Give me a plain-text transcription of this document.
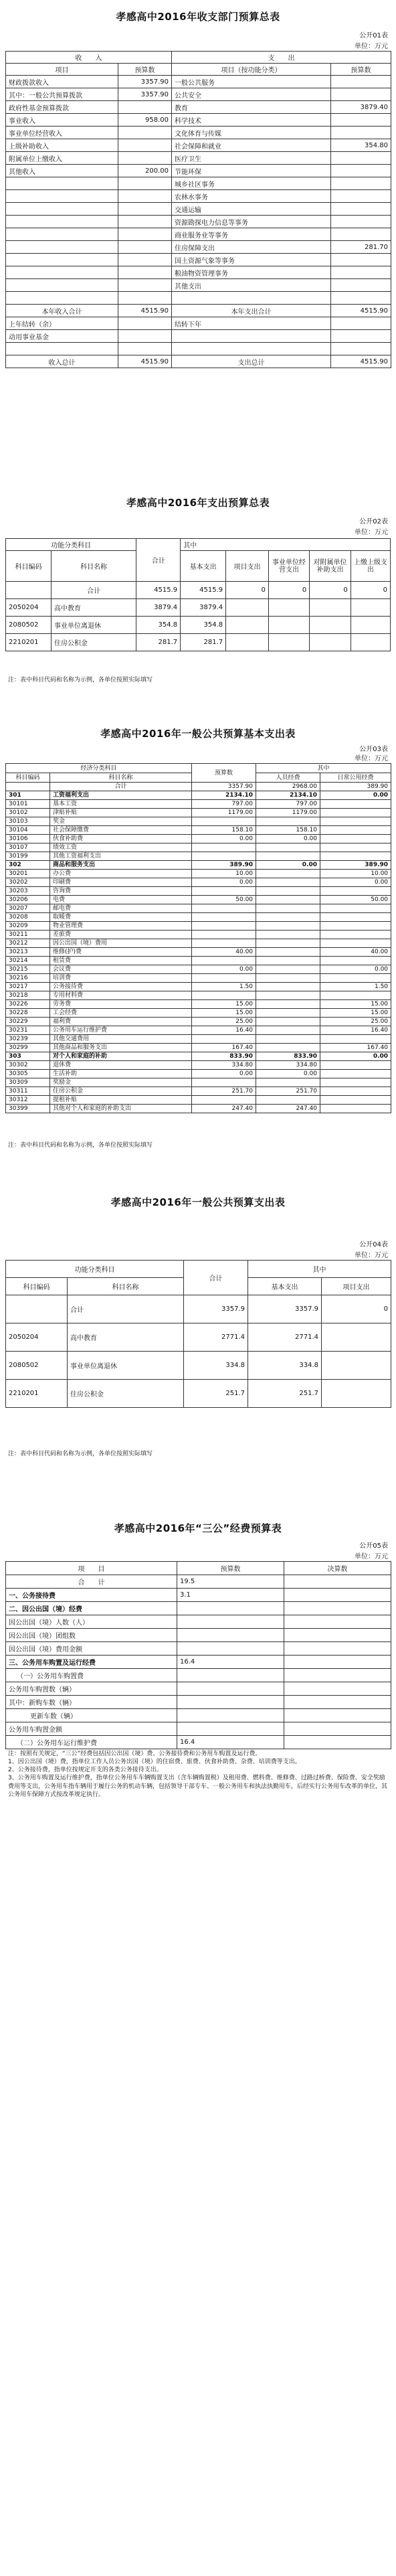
孝感高中2016年收支部门预算总表
公开01表
单位：万元
收　　入		支　　出	
项目	预算数	项目（按功能分类）	预算数
财政拨款收入	3357.90	一般公共服务	
其中：一般公共预算拨款	3357.90	公共安全	
政府性基金预算拨款		教育	3879.40
事业收入	958.00	科学技术	
事业单位经营收入		文化体育与传媒	
上级补助收入		社会保障和就业	354.80
附属单位上缴收入		医疗卫生	
其他收入	200.00	节能环保	
		城乡社区事务	
		农林水事务	
		交通运输	
		资源勘探电力信息等事务	
		商业服务业等事务	
		住房保障支出	281.70
		国土资源气象等事务	
		粮油物资管理事务	
		其他支出	

本年收入合计	4515.90	本年支出合计	4515.90
上年结转（余）		结转下年	
动用事业基金			

收入总计	4515.90	支出总计	4515.90
孝感高中2016年支出预算总表
公开02表
单位：万元
功能分类科目		合计	其中				
科目编码	科目名称		基本支出	项目支出	事业单位经营支出	对附属单位补助支出	上缴上级支出
	合计	4515.9	4515.9	0	0	0	0
2050204	高中教育	3879.4	3879.4				
2080502	事业单位离退休	354.8	354.8				
2210201	住房公积金	281.7	281.7				
注：表中科目代码和名称为示例，各单位按照实际填写
孝感高中2016年一般公共预算基本支出表
公开03表
单位：万元
经济分类科目		预算数	其中	
科目编码	科目名称		人员经费	日常公用经费
	合计	3357.90	2968.00	389.90
301	工资福利支出	2134.10	2134.10	0.00
30101	基本工资	797.00	797.00	
30102	津贴补贴	1179.00	1179.00	
30103	奖金			
30104	社会保障缴费	158.10	158.10	
30106	伙食补助费	0.00	0.00	
30107	绩效工资			
30199	其他工资福利支出			
302	商品和服务支出	389.90	0.00	389.90
30201	办公费	10.00		10.00
30202	印刷费	0.00		0.00
30203	咨询费			
30206	电费	50.00		50.00
30207	邮电费			
30208	取暖费			
30209	物业管理费			
30211	差旅费			
30212	因公出国（境）费用			
30213	维修(护)费	40.00		40.00
30214	租赁费			
30215	会议费	0.00		0.00
30216	培训费			
30217	公务接待费	1.50		1.50
30218	专用材料费			
30226	劳务费	15.00		15.00
30228	工会经费	15.00		15.00
30229	福利费	25.00		25.00
30231	公务用车运行维护费	16.40		16.40
30239	其他交通费用			
30299	其他商品和服务支出	167.40		167.40
303	对个人和家庭的补助	833.90	833.90	0.00
30302	退休费	334.80	334.80	
30305	生活补助	0.00	0.00	
30309	奖励金			
30311	住房公积金	251.70	251.70	
30312	提租补贴			
30399	其他对个人和家庭的补助支出	247.40	247.40	
注：表中科目代码和名称为示例，各单位按照实际填写
孝感高中2016年一般公共预算支出表
公开04表
单位：万元
功能分类科目		合计	其中	
科目编码	科目名称		基本支出	项目支出
	合计	3357.9	3357.9	0
2050204	高中教育	2771.4	2771.4	
2080502	事业单位离退休	334.8	334.8	
2210201	住房公积金	251.7	251.7	
注：表中科目代码和名称为示例，各单位按照实际填写
孝感高中2016年“三公”经费预算表
公开05表
单位：万元
项　　目	预算数	决算数
合　　计	19.5	
一、公务接待费	3.1	
二、因公出国（境）经费		
因公出国（境）人数（人）		
因公出国（境）团组数		
因公出国（境）费用金额		
三、公务用车购置及运行经费	16.4	
（一）公务用车购置费		
公务用车购置数（辆）		
其中：新购车数（辆）		
更新车数（辆）		
公务用车购置金额		
（二）公务用车运行维护费	16.4	
注：按照有关规定，“三公”经费包括因公出国（境）费、公务接待费和公务用车购置及运行费。
1、因公出国（境）费，指单位工作人员公务出国（境）的住宿费、旅费、伙食补助费、杂费、培训费等支出。
2、公务接待费，指单位按规定开支的各类公务接待支出。
3、公务用车购置及运行维护费，指单位公务用车车辆购置支出（含车辆购置税）及租用费、燃料费、维修费、过路过桥费、保险费、安全奖励费用等支出，公务用车指车辆用于履行公务的机动车辆，包括领导干部专车、一般公务用车和执法执勤用车，后经实行公务用车改革的单位，其公务用车保障方式按改革规定执行。
